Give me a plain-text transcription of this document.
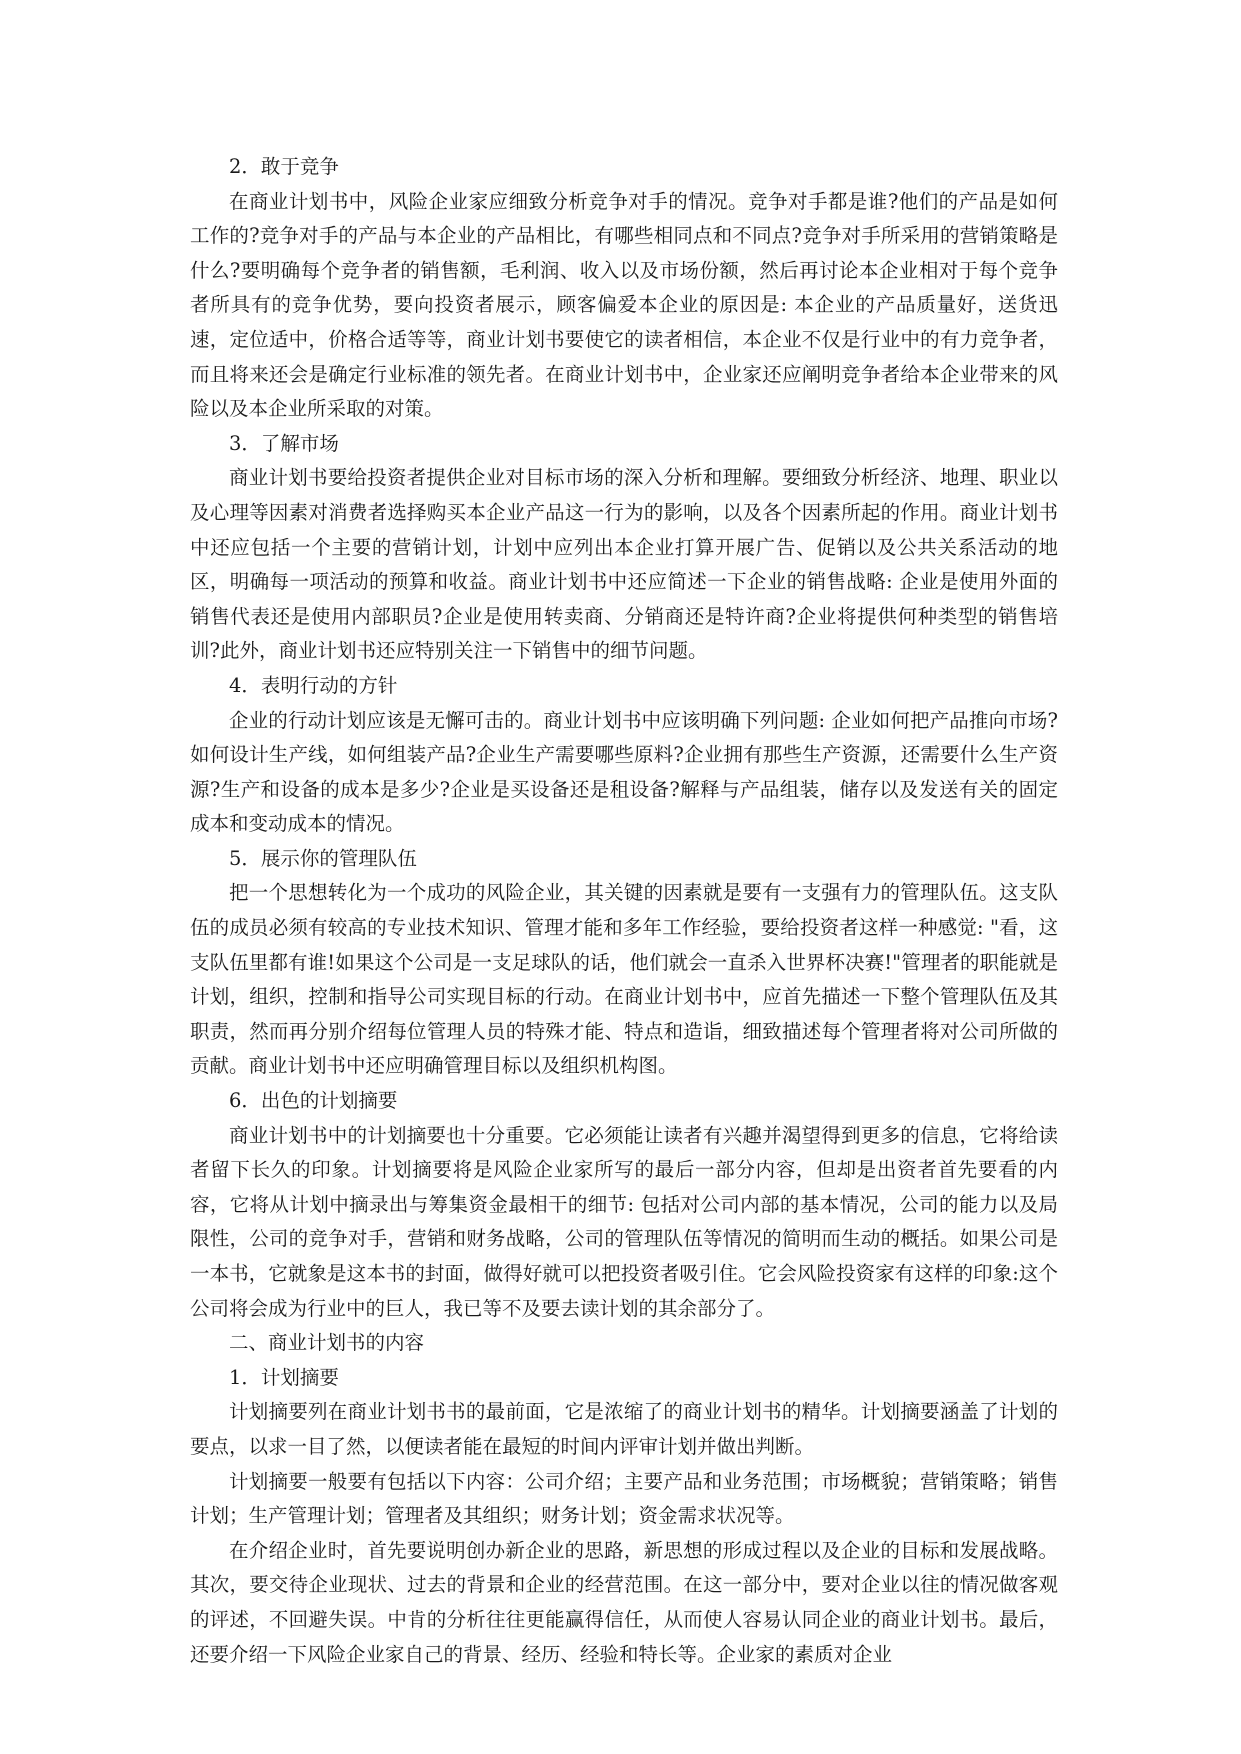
2．敢于竞争

在商业计划书中，风险企业家应细致分析竞争对手的情况。竞争对手都是谁?他们的产品是如何工作的?竞争对手的产品与本企业的产品相比，有哪些相同点和不同点?竞争对手所采用的营销策略是什么?要明确每个竞争者的销售额，毛利润、收入以及市场份额，然后再讨论本企业相对于每个竞争者所具有的竞争优势，要向投资者展示，顾客偏爱本企业的原因是: 本企业的产品质量好，送货迅速，定位适中，价格合适等等，商业计划书要使它的读者相信，本企业不仅是行业中的有力竞争者，而且将来还会是确定行业标准的领先者。在商业计划书中，企业家还应阐明竞争者给本企业带来的风险以及本企业所采取的对策。

3．了解市场

商业计划书要给投资者提供企业对目标市场的深入分析和理解。要细致分析经济、地理、职业以及心理等因素对消费者选择购买本企业产品这一行为的影响，以及各个因素所起的作用。商业计划书中还应包括一个主要的营销计划，计划中应列出本企业打算开展广告、促销以及公共关系活动的地区，明确每一项活动的预算和收益。商业计划书中还应简述一下企业的销售战略: 企业是使用外面的销售代表还是使用内部职员?企业是使用转卖商、分销商还是特许商?企业将提供何种类型的销售培训?此外，商业计划书还应特别关注一下销售中的细节问题。

4．表明行动的方针

企业的行动计划应该是无懈可击的。商业计划书中应该明确下列问题: 企业如何把产品推向市场?如何设计生产线，如何组装产品?企业生产需要哪些原料?企业拥有那些生产资源，还需要什么生产资源?生产和设备的成本是多少?企业是买设备还是租设备?解释与产品组装，储存以及发送有关的固定成本和变动成本的情况。

5．展示你的管理队伍

把一个思想转化为一个成功的风险企业，其关键的因素就是要有一支强有力的管理队伍。这支队伍的成员必须有较高的专业技术知识、管理才能和多年工作经验，要给投资者这样一种感觉: "看，这支队伍里都有谁!如果这个公司是一支足球队的话，他们就会一直杀入世界杯决赛!"管理者的职能就是计划，组织，控制和指导公司实现目标的行动。在商业计划书中，应首先描述一下整个管理队伍及其职责，然而再分别介绍每位管理人员的特殊才能、特点和造诣，细致描述每个管理者将对公司所做的贡献。商业计划书中还应明确管理目标以及组织机构图。

6．出色的计划摘要

商业计划书中的计划摘要也十分重要。它必须能让读者有兴趣并渴望得到更多的信息，它将给读者留下长久的印象。计划摘要将是风险企业家所写的最后一部分内容，但却是出资者首先要看的内容，它将从计划中摘录出与筹集资金最相干的细节: 包括对公司内部的基本情况，公司的能力以及局限性，公司的竞争对手，营销和财务战略，公司的管理队伍等情况的简明而生动的概括。如果公司是一本书，它就象是这本书的封面，做得好就可以把投资者吸引住。它会风险投资家有这样的印象:这个公司将会成为行业中的巨人，我已等不及要去读计划的其余部分了。

二、商业计划书的内容

1．计划摘要

计划摘要列在商业计划书书的最前面，它是浓缩了的商业计划书的精华。计划摘要涵盖了计划的要点，以求一目了然，以便读者能在最短的时间内评审计划并做出判断。

计划摘要一般要有包括以下内容：公司介绍；主要产品和业务范围；市场概貌；营销策略；销售计划；生产管理计划；管理者及其组织；财务计划；资金需求状况等。

在介绍企业时，首先要说明创办新企业的思路，新思想的形成过程以及企业的目标和发展战略。其次，要交待企业现状、过去的背景和企业的经营范围。在这一部分中，要对企业以往的情况做客观的评述，不回避失误。中肯的分析往往更能赢得信任，从而使人容易认同企业的商业计划书。最后，还要介绍一下风险企业家自己的背景、经历、经验和特长等。企业家的素质对企业
